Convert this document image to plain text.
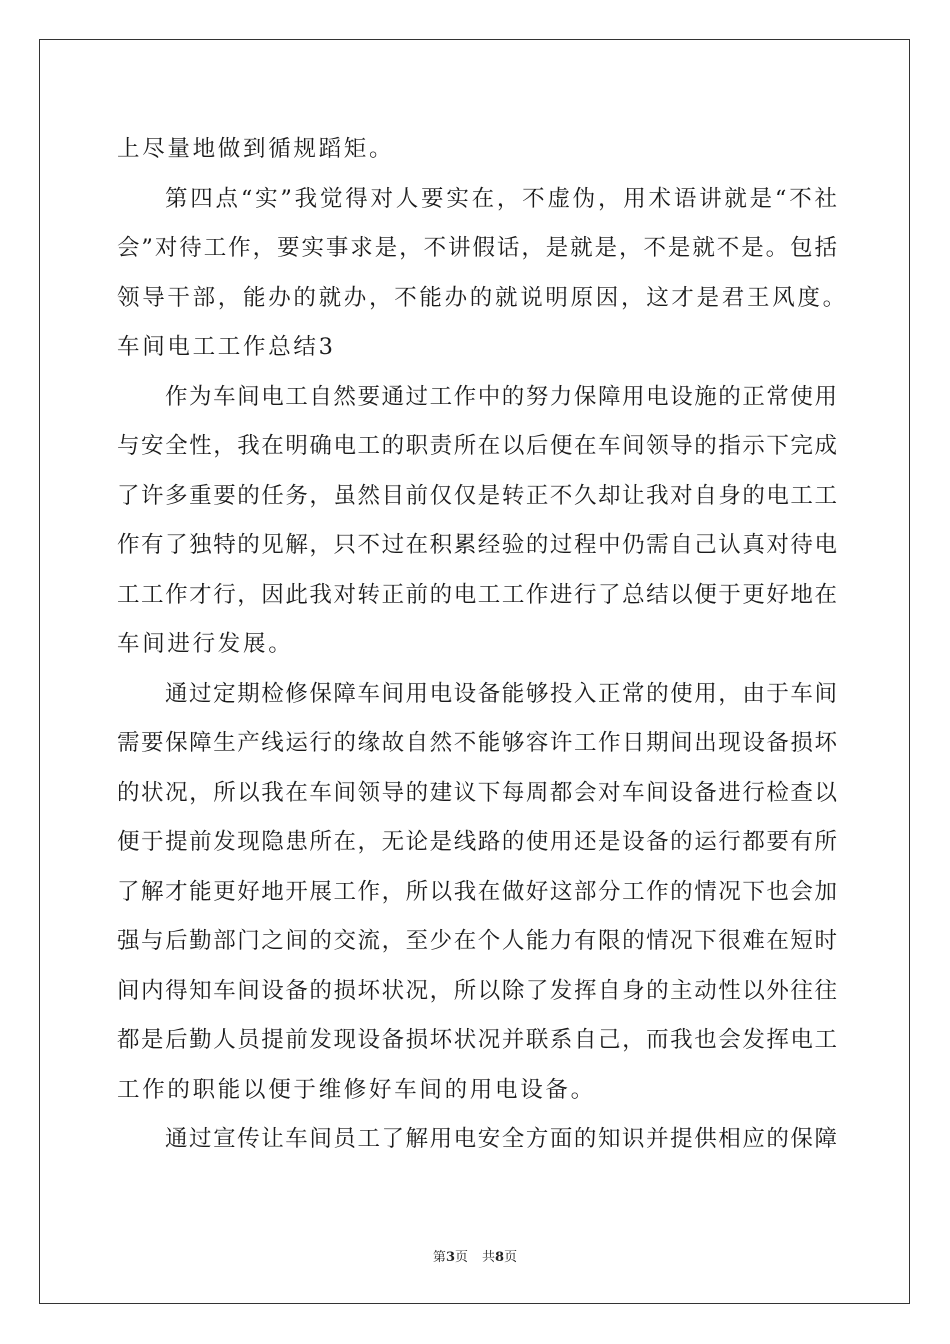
上尽量地做到循规蹈矩。
第四点“实”我觉得对人要实在，不虚伪，用术语讲就是“不社
会”对待工作，要实事求是，不讲假话，是就是，不是就不是。包括
领导干部，能办的就办，不能办的就说明原因，这才是君王风度。
车间电工工作总结3
作为车间电工自然要通过工作中的努力保障用电设施的正常使用
与安全性，我在明确电工的职责所在以后便在车间领导的指示下完成
了许多重要的任务，虽然目前仅仅是转正不久却让我对自身的电工工
作有了独特的见解，只不过在积累经验的过程中仍需自己认真对待电
工工作才行，因此我对转正前的电工工作进行了总结以便于更好地在
车间进行发展。
通过定期检修保障车间用电设备能够投入正常的使用，由于车间
需要保障生产线运行的缘故自然不能够容许工作日期间出现设备损坏
的状况，所以我在车间领导的建议下每周都会对车间设备进行检查以
便于提前发现隐患所在，无论是线路的使用还是设备的运行都要有所
了解才能更好地开展工作，所以我在做好这部分工作的情况下也会加
强与后勤部门之间的交流，至少在个人能力有限的情况下很难在短时
间内得知车间设备的损坏状况，所以除了发挥自身的主动性以外往往
都是后勤人员提前发现设备损坏状况并联系自己，而我也会发挥电工
工作的职能以便于维修好车间的用电设备。
通过宣传让车间员工了解用电安全方面的知识并提供相应的保障
第3页 共8页
